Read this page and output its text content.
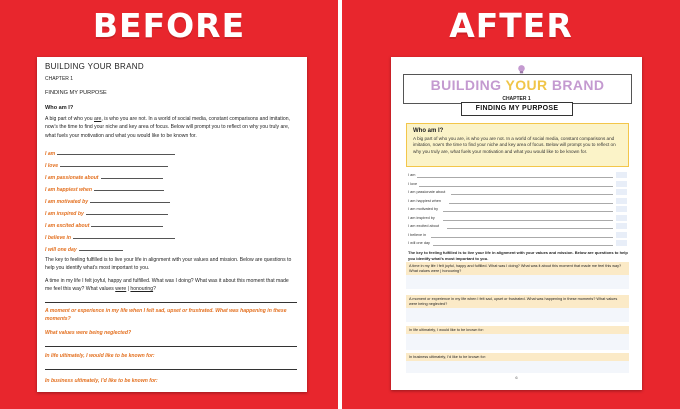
BEFORE
BUILDING YOUR BRAND
CHAPTER 1
FINDING MY PURPOSE
Who am I?
A big part of who you are, is who you are not. In a world of social media, constant comparisons and imitation, now’s the time to find your niche and key area of focus. Below will prompt you to reflect on why you truly are, what fuels your motivation and what you would like to be known for.
I am
I love
I am passionate about
I am happiest when
I am motivated by
I am inspired by
I am excited about
I believe in
I will one day
The key to feeling fulfilled is to live your life in alignment with your values and mission. Below are questions to help you identify what’s most important to you.
A time in my life I felt joyful, happy and fulfilled. What was I doing? What was it about this moment that made me feel this way? What values were | honouring?
A moment or experience in my life when I felt sad, upset or frustrated. What was happening in these moments?
What values were being neglected?
In life ultimately, I would like to be known for:
In business ultimately, I’d like to be known for:
AFTER
BUILDING YOUR BRAND
CHAPTER 1
FINDING MY PURPOSE
Who am I?
A big part of who you are, is who you are not. In a world of social media, constant comparisons and imitation, now’s the time to find your niche and key area of focus. Below will prompt you to reflect on why you truly are, what fuels your motivation and what you would like to be known for.
I am
I love
I am passionate about
I am happiest when
I am motivated by
I am inspired by
I am excited about
I believe in
I will one day
The key to feeling fulfilled is to live your life in alignment with your values and mission. Below are questions to help you identify what’s most important to you.
A time in my life I felt joyful, happy and fulfilled. What was I doing? What was it about this moment that made me feel this way? What values were | honouring?
A moment or experience in my life when I felt sad, upset or frustrated. What was happening in these moments? What values were being neglected?
In life ultimately, I would like to be known for:
In business ultimately, I’d like to be known for:
6
